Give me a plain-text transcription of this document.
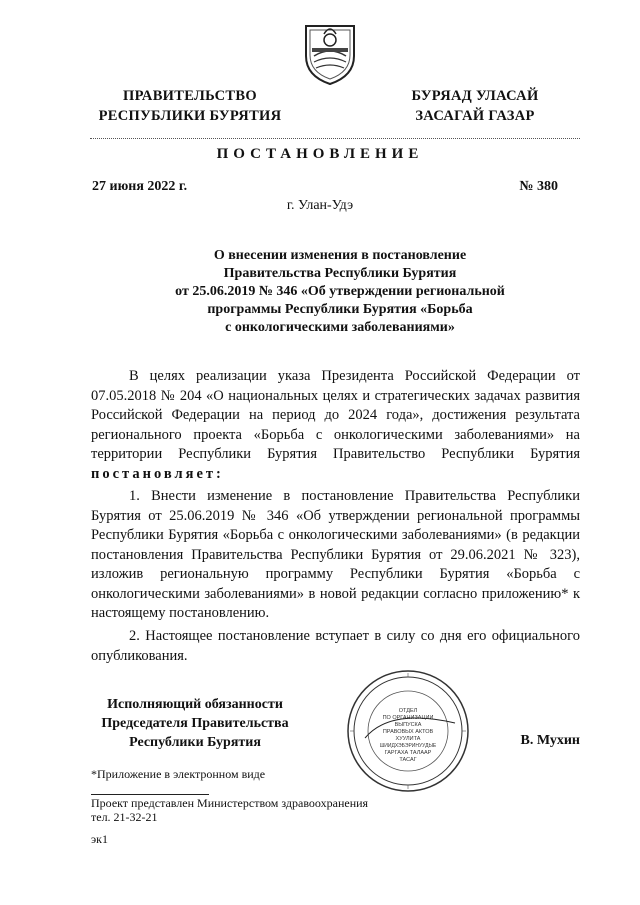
ПРАВИТЕЛЬСТВО
РЕСПУБЛИКИ БУРЯТИЯ
БУРЯАД УЛАСАЙ
ЗАСАГАЙ ГАЗАР
ПОСТАНОВЛЕНИЕ
27 июня 2022 г.	№ 380
г. Улан-Удэ
О внесении изменения в постановление
Правительства Республики Бурятия
от 25.06.2019 № 346 «Об утверждении региональной
программы Республики Бурятия «Борьба
с онкологическими заболеваниями»
В целях реализации указа Президента Российской Федерации от 07.05.2018 № 204 «О национальных целях и стратегических задачах развития Российской Федерации на период до 2024 года», достижения результата регионального проекта «Борьба с онкологическими заболеваниями» на территории Республики Бурятия Правительство Республики Бурятия постановляет:
1. Внести изменение в постановление Правительства Республики Бурятия от 25.06.2019 № 346 «Об утверждении региональной программы Республики Бурятия «Борьба с онкологическими заболеваниями» (в редакции постановления Правительства Республики Бурятия от 29.06.2021 № 323), изложив региональную программу Республики Бурятия «Борьба с онкологическими заболеваниями» в новой редакции согласно приложению* к настоящему постановлению.
2. Настоящее постановление вступает в силу со дня его официального опубликования.
Исполняющий обязанности
Председателя Правительства
Республики Бурятия
ОТДЕЛ
ПО ОРГАНИЗАЦИИ
ВЫПУСКА
ПРАВОВЫХ АКТОВ
ХУУЛИТА
ШИИДХЭБЭРИНУУДЫЕ
ГАРГАХА ТАЛААР
ТАСАГ
В. Мухин
*Приложение в электронном виде
Проект представлен Министерством здравоохранения
тел. 21-32-21
эк1
